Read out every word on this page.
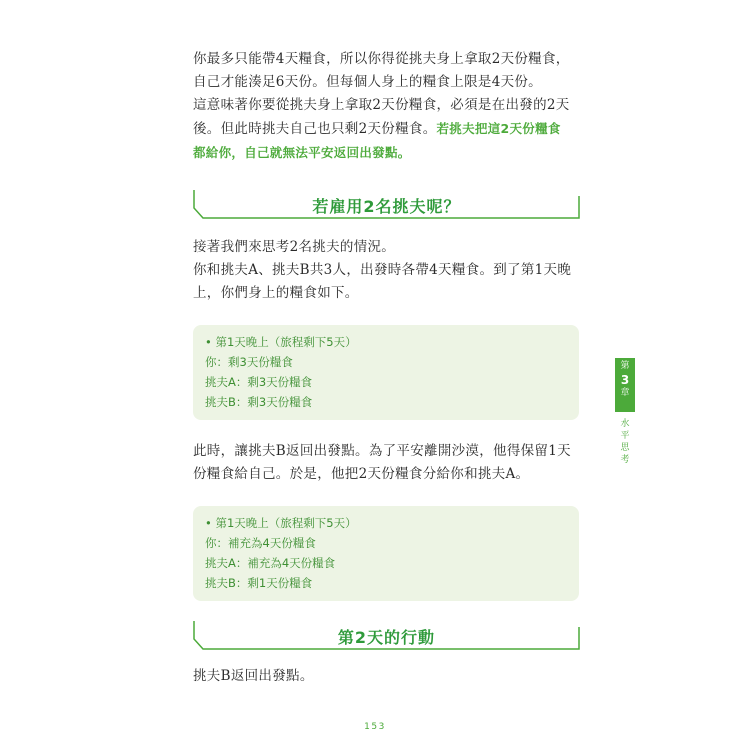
你最多只能帶4天糧食，所以你得從挑夫身上拿取2天份糧食，
自己才能湊足6天份。但每個人身上的糧食上限是4天份。
這意味著你要從挑夫身上拿取2天份糧食，必須是在出發的2天
後。但此時挑夫自己也只剩2天份糧食。若挑夫把這2天份糧食
都給你，自己就無法平安返回出發點。
若雇用2名挑夫呢？
接著我們來思考2名挑夫的情況。
你和挑夫A、挑夫B共3人，出發時各帶4天糧食。到了第1天晚
上，你們身上的糧食如下。
• 第1天晚上（旅程剩下5天）
你：剩3天份糧食
挑夫A：剩3天份糧食
挑夫B：剩3天份糧食
此時，讓挑夫B返回出發點。為了平安離開沙漠，他得保留1天
份糧食給自己。於是，他把2天份糧食分給你和挑夫A。
• 第1天晚上（旅程剩下5天）
你：補充為4天份糧食
挑夫A：補充為4天份糧食
挑夫B：剩1天份糧食
第2天的行動
挑夫B返回出發點。
第
3
章
水
平
思
考
153
